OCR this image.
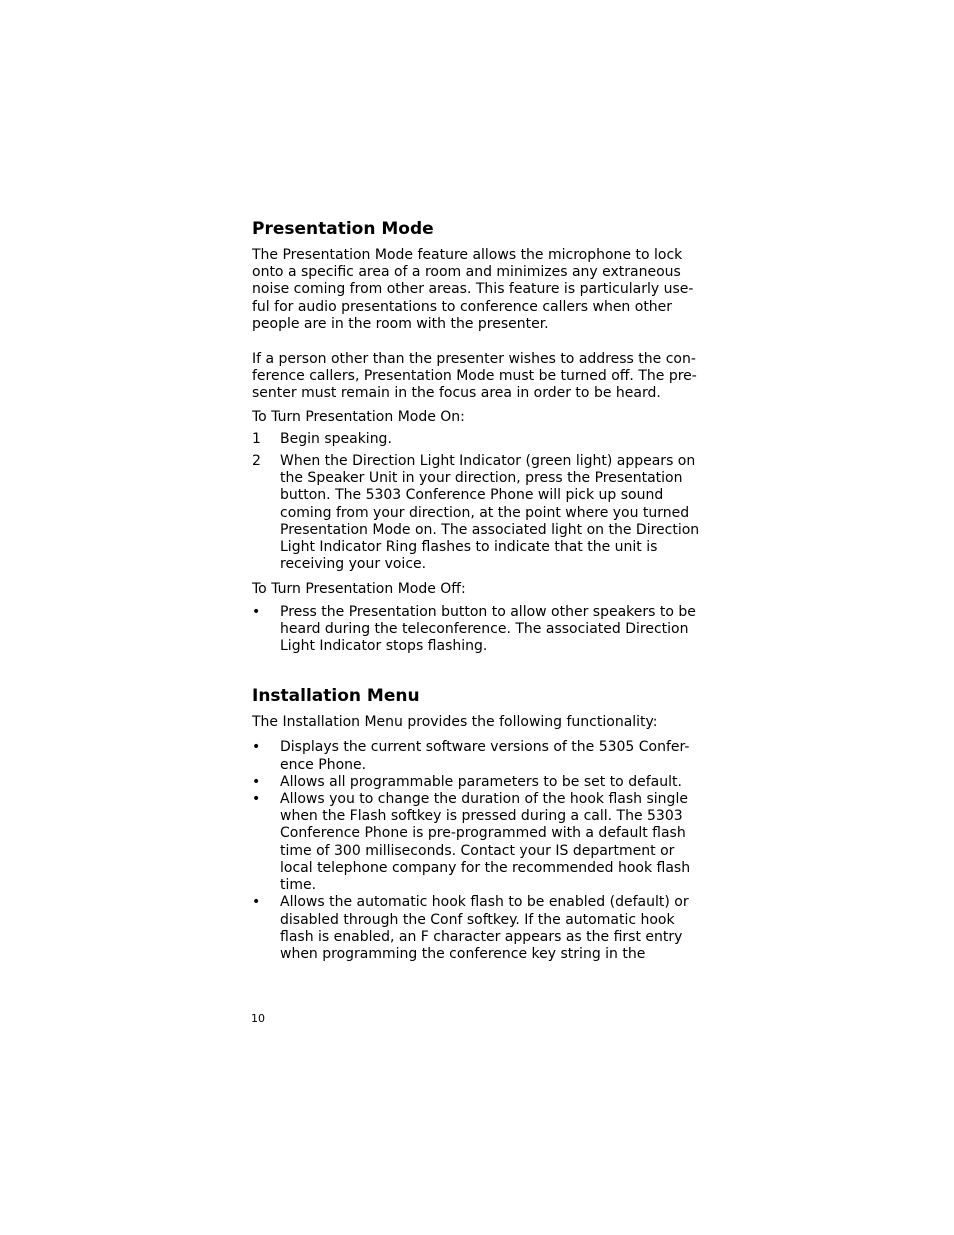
Presentation Mode
The Presentation Mode feature allows the microphone to lock
onto a specific area of a room and minimizes any extraneous
noise coming from other areas. This feature is particularly use-
ful for audio presentations to conference callers when other
people are in the room with the presenter.
If a person other than the presenter wishes to address the con-
ference callers, Presentation Mode must be turned off. The pre-
senter must remain in the focus area in order to be heard.
To Turn Presentation Mode On:
1 Begin speaking.
2 When the Direction Light Indicator (green light) appears on
the Speaker Unit in your direction, press the Presentation
button. The 5303 Conference Phone will pick up sound
coming from your direction, at the point where you turned
Presentation Mode on. The associated light on the Direction
Light Indicator Ring flashes to indicate that the unit is
receiving your voice.
To Turn Presentation Mode Off:
• Press the Presentation button to allow other speakers to be
heard during the teleconference. The associated Direction
Light Indicator stops flashing.
Installation Menu
The Installation Menu provides the following functionality:
• Displays the current software versions of the 5305 Confer-
ence Phone.
• Allows all programmable parameters to be set to default.
• Allows you to change the duration of the hook flash single
when the Flash softkey is pressed during a call. The 5303
Conference Phone is pre-programmed with a default flash
time of 300 milliseconds. Contact your IS department or
local telephone company for the recommended hook flash
time.
• Allows the automatic hook flash to be enabled (default) or
disabled through the Conf softkey. If the automatic hook
flash is enabled, an F character appears as the first entry
when programming the conference key string in the
10
